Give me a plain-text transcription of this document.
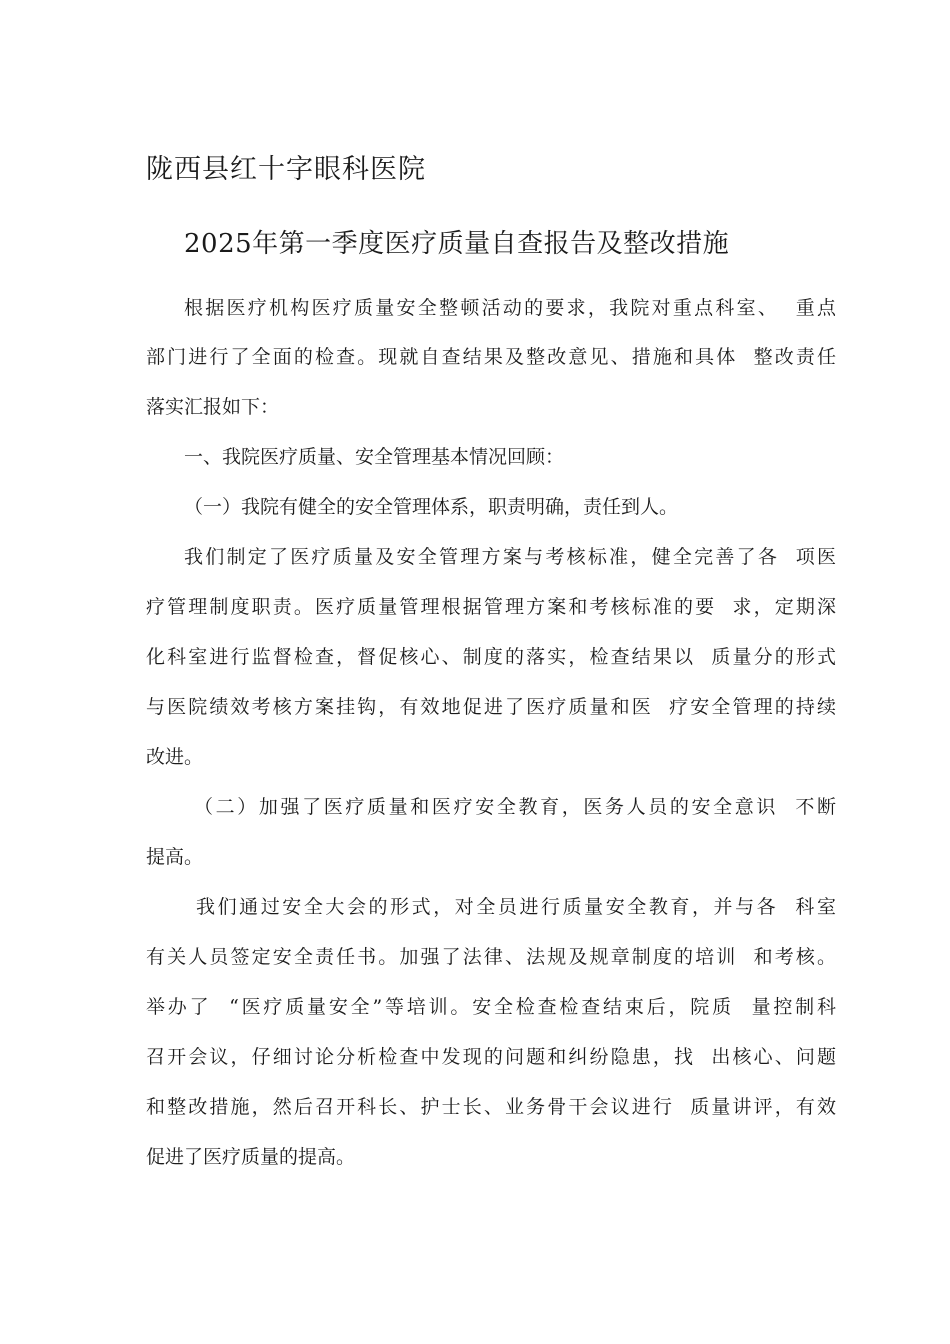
陇西县红十字眼科医院
2025年第一季度医疗质量自查报告及整改措施
根据医疗机构医疗质量安全整顿活动的要求，我院对重点科室、  重点
部门进行了全面的检查。现就自查结果及整改意见、措施和具体  整改责任
落实汇报如下：
一、我院医疗质量、安全管理基本情况回顾：
（一）我院有健全的安全管理体系，职责明确，责任到人。
我们制定了医疗质量及安全管理方案与考核标准，健全完善了各  项医
疗管理制度职责。医疗质量管理根据管理方案和考核标准的要  求，定期深
化科室进行监督检查，督促核心、制度的落实，检查结果以  质量分的形式
与医院绩效考核方案挂钩，有效地促进了医疗质量和医  疗安全管理的持续
改进。
（二）加强了医疗质量和医疗安全教育，医务人员的安全意识  不断
提高。
我们通过安全大会的形式，对全员进行质量安全教育，并与各  科室
有关人员签定安全责任书。加强了法律、法规及规章制度的培训  和考核。
举办了  “医疗质量安全”等培训。安全检查检查结束后，院质  量控制科
召开会议，仔细讨论分析检查中发现的问题和纠纷隐患，找  出核心、问题
和整改措施，然后召开科长、护士长、业务骨干会议进行  质量讲评，有效
促进了医疗质量的提高。
